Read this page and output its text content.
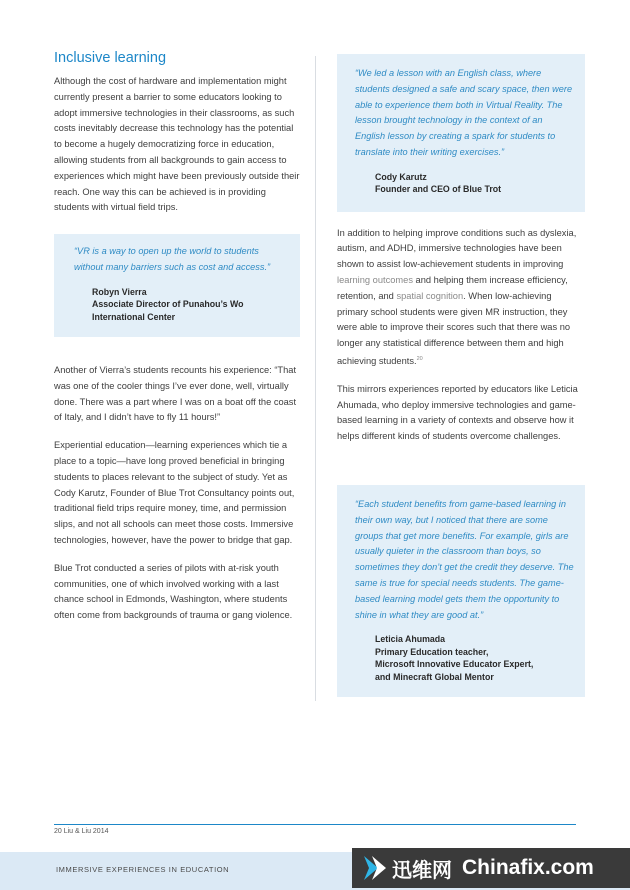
Inclusive learning

Although the cost of hardware and implementation might currently present a barrier to some educators looking to adopt immersive technologies in their classrooms, as such costs inevitably decrease this technology has the potential to become a hugely democratizing force in education, allowing students from all backgrounds to gain access to experiences which might have been previously outside their reach. One way this can be achieved is in providing students with virtual field trips.

“VR is a way to open up the world to students without many barriers such as cost and access.”

Robyn Vierra
Associate Director of Punahou’s Wo
International Center

Another of Vierra’s students recounts his experience: “That was one of the cooler things I’ve ever done, well, virtually done. There was a part where I was on a boat off the coast of Italy, and I didn’t have to fly 11 hours!”

Experiential education—learning experiences which tie a place to a topic—have long proved beneficial in bringing students to places relevant to the subject of study. Yet as Cody Karutz, Founder of Blue Trot Consultancy points out, traditional field trips require money, time, and permission slips, and not all schools can meet those costs. Immersive technologies, however, have the power to bridge that gap.

Blue Trot conducted a series of pilots with at-risk youth communities, one of which involved working with a last chance school in Edmonds, Washington, where students often come from backgrounds of trauma or gang violence.

“We led a lesson with an English class, where students designed a safe and scary space, then were able to experience them both in Virtual Reality. The lesson brought technology in the context of an English lesson by creating a spark for students to translate into their writing exercises.”

Cody Karutz
Founder and CEO of Blue Trot

In addition to helping improve conditions such as dyslexia, autism, and ADHD, immersive technologies have been shown to assist low-achievement students in improving learning outcomes and helping them increase efficiency, retention, and spatial cognition. When low-achieving primary school students were given MR instruction, they were able to improve their scores such that there was no longer any statistical difference between them and high achieving students.$^{20}$

This mirrors experiences reported by educators like Leticia Ahumada, who deploy immersive technologies and game-based learning in a variety of contexts and observe how it helps different kinds of students overcome challenges.

“Each student benefits from game-based learning in their own way, but I noticed that there are some groups that get more benefits. For example, girls are usually quieter in the classroom than boys, so sometimes they don’t get the credit they deserve. The same is true for special needs students. The game-based learning model gets them the opportunity to shine in what they are good at.”

Leticia Ahumada
Primary Education teacher,
Microsoft Innovative Educator Expert,
and Minecraft Global Mentor
20 Liu & Liu 2014
IMMERSIVE EXPERIENCES IN EDUCATION	迅维网 Chinafix.com
